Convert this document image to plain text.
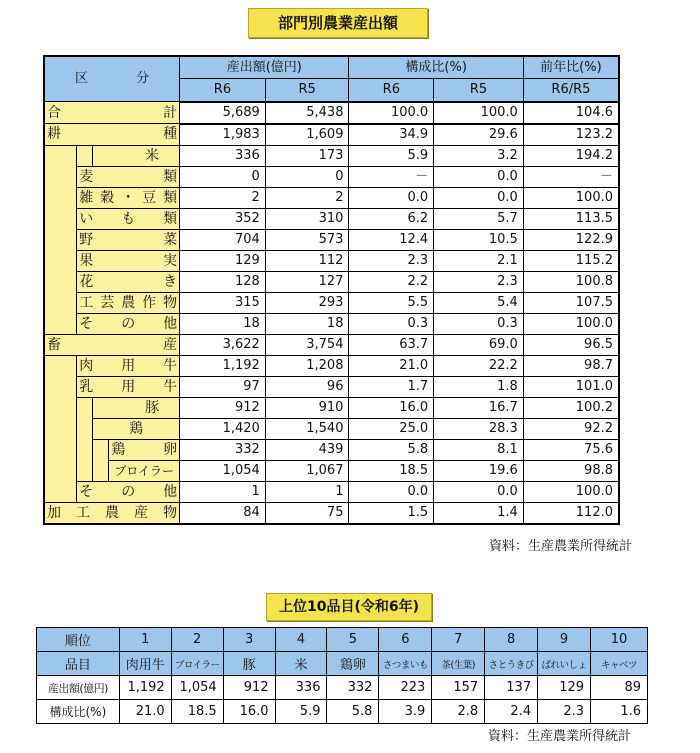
部門別農業産出額
区 分				産出額(億円)		構成比(%)		前年比(%)
				R6	R5	R6	R5	R6/R5

合 計				5,689	5,438	100.0	100.0	104.6

耕 種				1,983	1,609	34.9	29.6	123.2

		米		336	173	5.9	3.2	194.2

	麦 類			0	0	－	0.0	－

	雑 穀 ・ 豆 類			2	2	0.0	0.0	100.0

	い も 類			352	310	6.2	5.7	113.5

	野 菜			704	573	12.4	10.5	122.9

	果 実			129	112	2.3	2.1	115.2

	花 き			128	127	2.2	2.3	100.8

	工 芸 農 作 物			315	293	5.5	5.4	107.5

	そ の 他			18	18	0.3	0.3	100.0

畜 産				3,622	3,754	63.7	69.0	96.5

	肉 用 牛			1,192	1,208	21.0	22.2	98.7

	乳 用 牛			97	96	1.7	1.8	101.0

		豚		912	910	16.0	16.7	100.2

		鶏		1,420	1,540	25.0	28.3	92.2

			鶏 卵	332	439	5.8	8.1	75.6

			ブロイラー	1,054	1,067	18.5	19.6	98.8

	そ の 他			1	1	0.0	0.0	100.0

加 工 農 産 物				84	75	1.5	1.4	112.0
資料：生産農業所得統計
上位10品目(令和6年)
順位	1	2	3	4	5	6	7	8	9	10
品目	肉用牛	ブロイラー	豚	米	鶏卵	さつまいも	茶(生葉)	さとうきび	ばれいしょ	キャベツ
産出額(億円)	1,192	1,054	912	336	332	223	157	137	129	89
構成比(%)	21.0	18.5	16.0	5.9	5.8	3.9	2.8	2.4	2.3	1.6
資料：生産農業所得統計
